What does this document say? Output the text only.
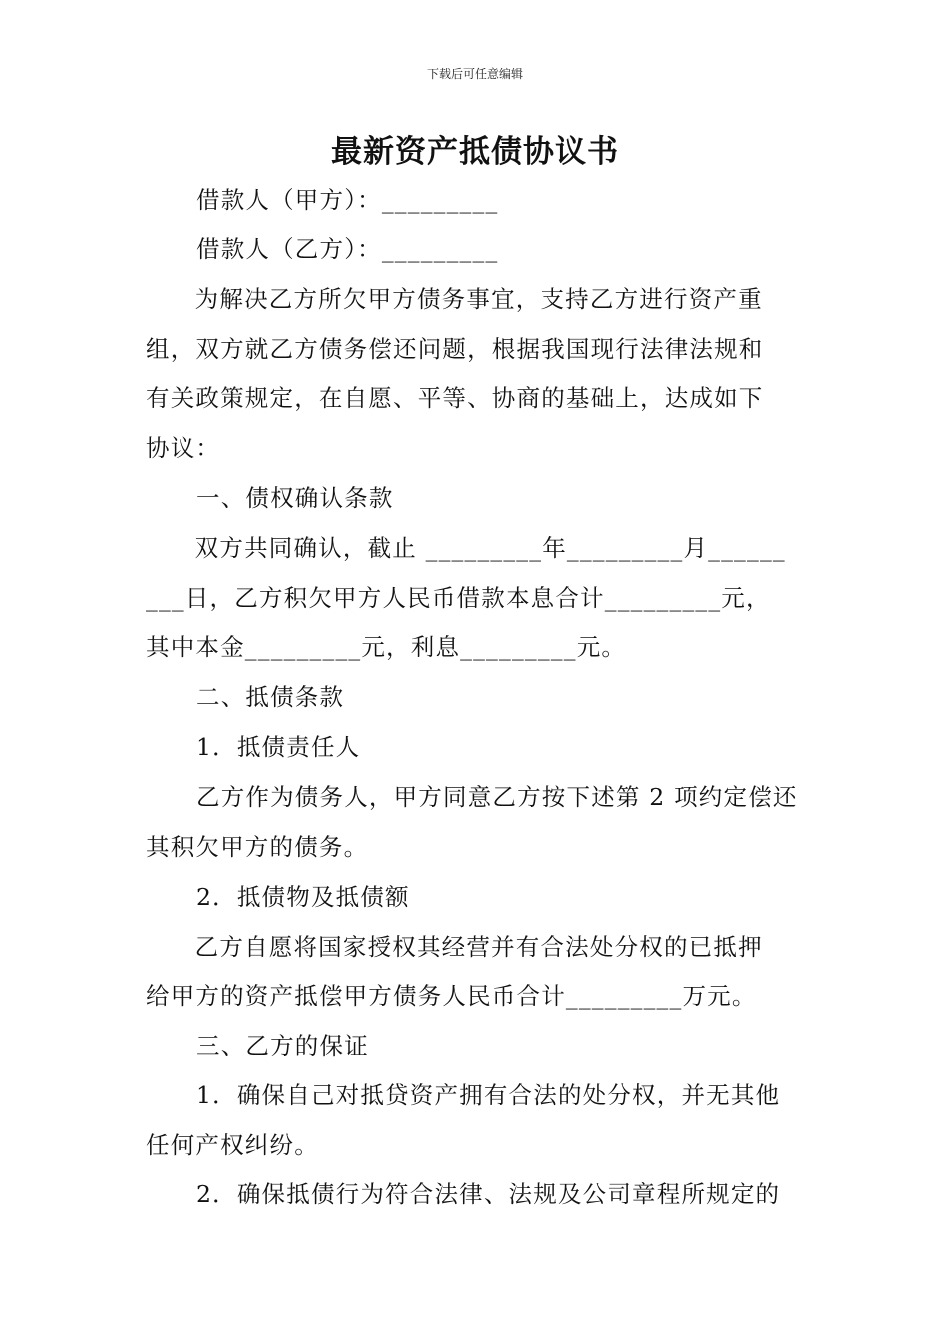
下载后可任意编辑
最新资产抵债协议书
借款人（甲方）：_________
借款人（乙方）：_________
为解决乙方所欠甲方债务事宜，支持乙方进行资产重
组，双方就乙方债务偿还问题，根据我国现行法律法规和
有关政策规定，在自愿、平等、协商的基础上，达成如下
协议：
一、债权确认条款
双方共同确认，截止 _________年_________月______
___日，乙方积欠甲方人民币借款本息合计_________元，
其中本金_________元，利息_________元。
二、抵债条款
1．抵债责任人
乙方作为债务人，甲方同意乙方按下述第 2 项约定偿还
其积欠甲方的债务。
2．抵债物及抵债额
乙方自愿将国家授权其经营并有合法处分权的已抵押
给甲方的资产抵偿甲方债务人民币合计_________万元。
三、乙方的保证
1．确保自己对抵贷资产拥有合法的处分权，并无其他
任何产权纠纷。
2．确保抵债行为符合法律、法规及公司章程所规定的
